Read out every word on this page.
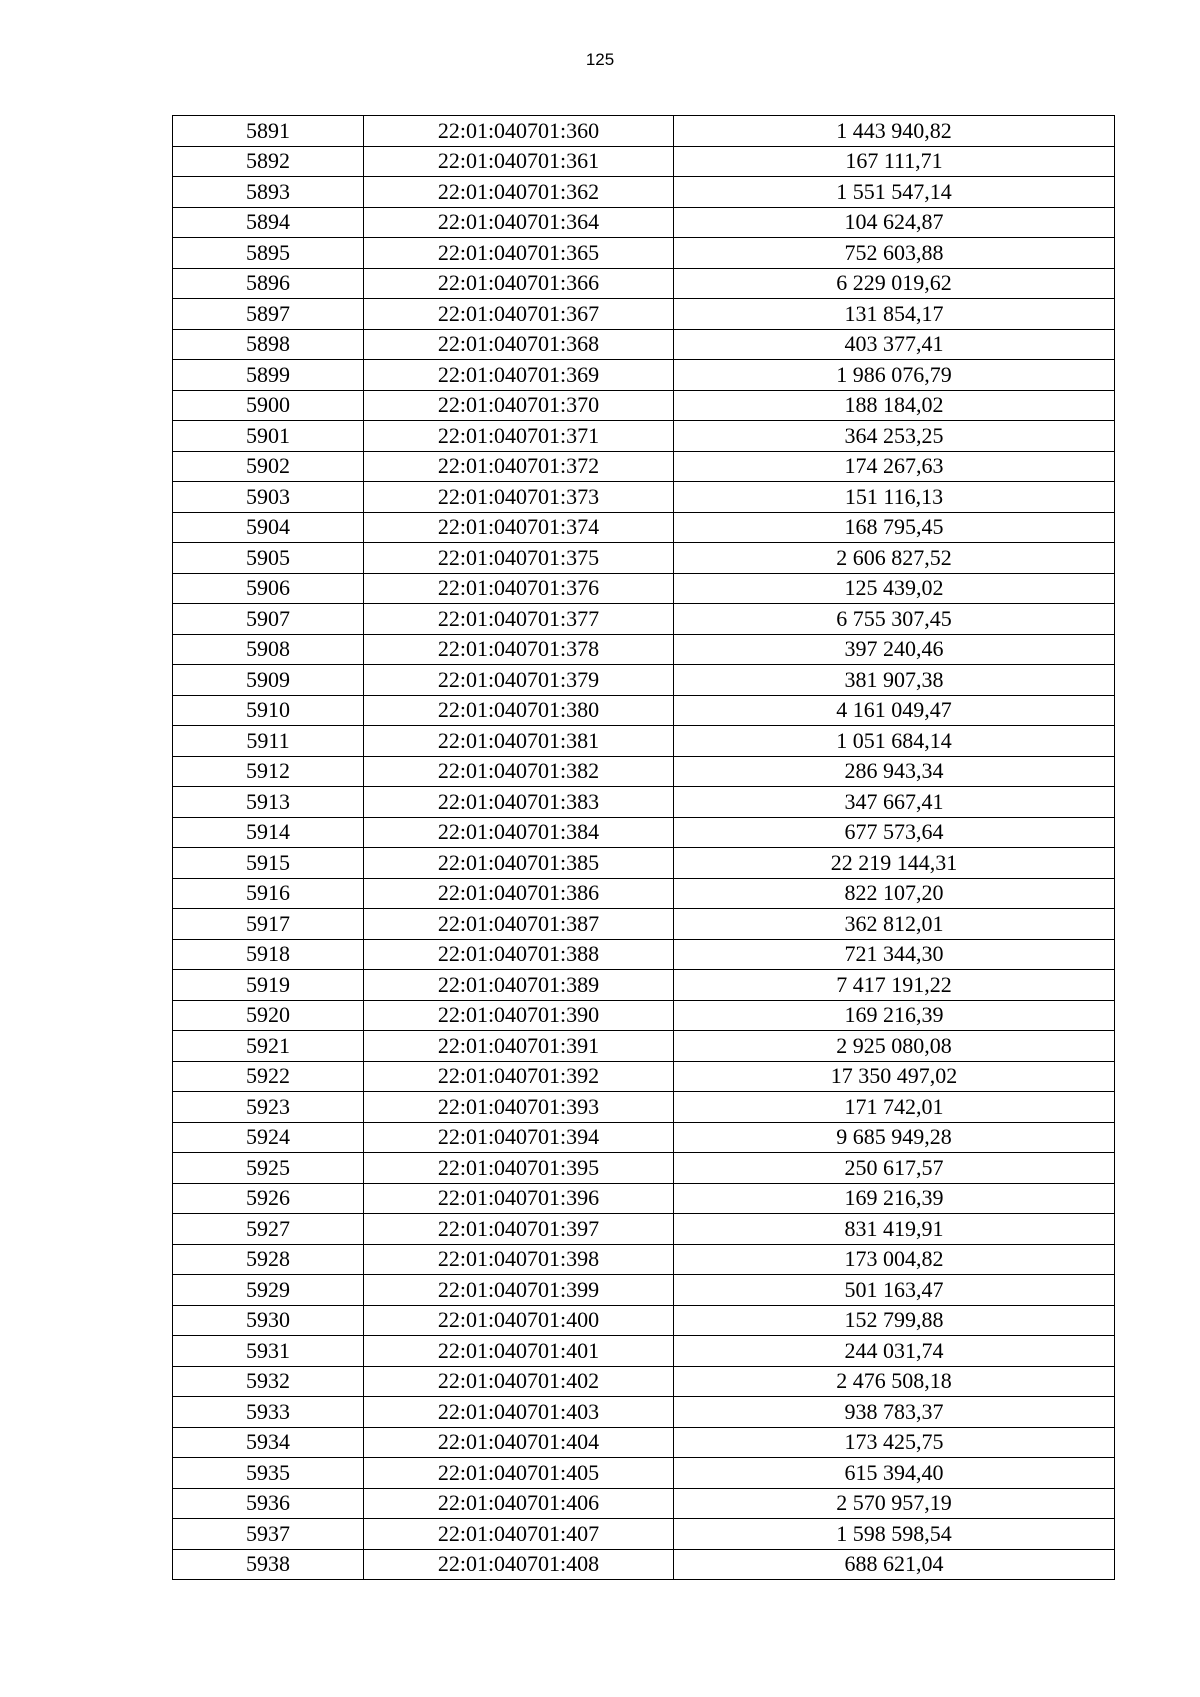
125
5891	22:01:040701:360	1 443 940,82
5892	22:01:040701:361	167 111,71
5893	22:01:040701:362	1 551 547,14
5894	22:01:040701:364	104 624,87
5895	22:01:040701:365	752 603,88
5896	22:01:040701:366	6 229 019,62
5897	22:01:040701:367	131 854,17
5898	22:01:040701:368	403 377,41
5899	22:01:040701:369	1 986 076,79
5900	22:01:040701:370	188 184,02
5901	22:01:040701:371	364 253,25
5902	22:01:040701:372	174 267,63
5903	22:01:040701:373	151 116,13
5904	22:01:040701:374	168 795,45
5905	22:01:040701:375	2 606 827,52
5906	22:01:040701:376	125 439,02
5907	22:01:040701:377	6 755 307,45
5908	22:01:040701:378	397 240,46
5909	22:01:040701:379	381 907,38
5910	22:01:040701:380	4 161 049,47
5911	22:01:040701:381	1 051 684,14
5912	22:01:040701:382	286 943,34
5913	22:01:040701:383	347 667,41
5914	22:01:040701:384	677 573,64
5915	22:01:040701:385	22 219 144,31
5916	22:01:040701:386	822 107,20
5917	22:01:040701:387	362 812,01
5918	22:01:040701:388	721 344,30
5919	22:01:040701:389	7 417 191,22
5920	22:01:040701:390	169 216,39
5921	22:01:040701:391	2 925 080,08
5922	22:01:040701:392	17 350 497,02
5923	22:01:040701:393	171 742,01
5924	22:01:040701:394	9 685 949,28
5925	22:01:040701:395	250 617,57
5926	22:01:040701:396	169 216,39
5927	22:01:040701:397	831 419,91
5928	22:01:040701:398	173 004,82
5929	22:01:040701:399	501 163,47
5930	22:01:040701:400	152 799,88
5931	22:01:040701:401	244 031,74
5932	22:01:040701:402	2 476 508,18
5933	22:01:040701:403	938 783,37
5934	22:01:040701:404	173 425,75
5935	22:01:040701:405	615 394,40
5936	22:01:040701:406	2 570 957,19
5937	22:01:040701:407	1 598 598,54
5938	22:01:040701:408	688 621,04
